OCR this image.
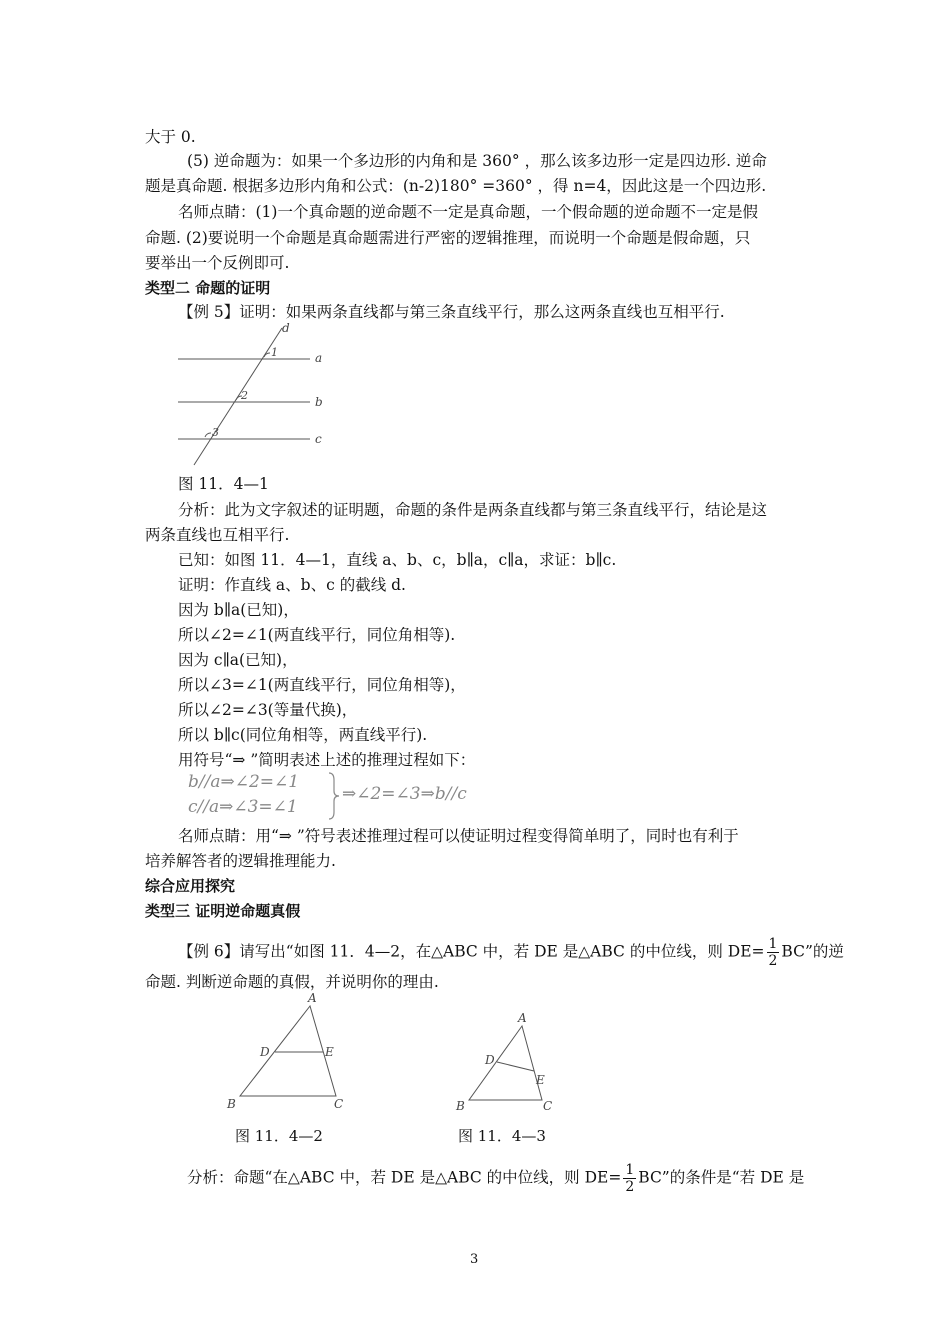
大于 0.
(5) 逆命题为：如果一个多边形的内角和是 360° ，那么该多边形一定是四边形. 逆命
题是真命题. 根据多边形内角和公式：(n-2)180° =360° ，得 n=4，因此这是一个四边形.
名师点睛：(1)一个真命题的逆命题不一定是真命题，一个假命题的逆命题不一定是假
命题. (2)要说明一个命题是真命题需进行严密的逻辑推理，而说明一个命题是假命题，只
要举出一个反例即可.
类型二 命题的证明
【例 5】证明：如果两条直线都与第三条直线平行，那么这两条直线也互相平行.
d
a
b
c
1
2
3
图 11．4—1
分析：此为文字叙述的证明题，命题的条件是两条直线都与第三条直线平行，结论是这
两条直线也互相平行.
已知：如图 11．4—1，直线 a、b、c，b∥a，c∥a，求证：b∥c.
证明：作直线 a、b、c 的截线 d.
因为 b∥a(已知)，
所以∠2=∠1(两直线平行，同位角相等).
因为 c∥a(已知)，
所以∠3=∠1(两直线平行，同位角相等)，
所以∠2=∠3(等量代换)，
所以 b∥c(同位角相等，两直线平行).
用符号“⇒ ”简明表述上述的推理过程如下：
b//a⇒∠2=∠1
c//a⇒∠3=∠1
⇒∠2=∠3⇒b//c
名师点睛：用“⇒ ”符号表述推理过程可以使证明过程变得简单明了，同时也有利于
培养解答者的逻辑推理能力.
综合应用探究
类型三 证明逆命题真假
【例 6】请写出“如图 11．4—2，在△ABC 中，若 DE 是△ABC 的中位线，则 $DE= \frac{1}{2}$ BC”的逆
命题. 判断逆命题的真假，并说明你的理由.
A
B	C
D	E
A
B	C
D
E
图 11．4—2	图 11．4—3
分析：命题“在△ABC 中，若 DE 是△ABC 的中位线，则 $DE= \frac{1}{2}$ BC”的条件是“若 DE 是
3
